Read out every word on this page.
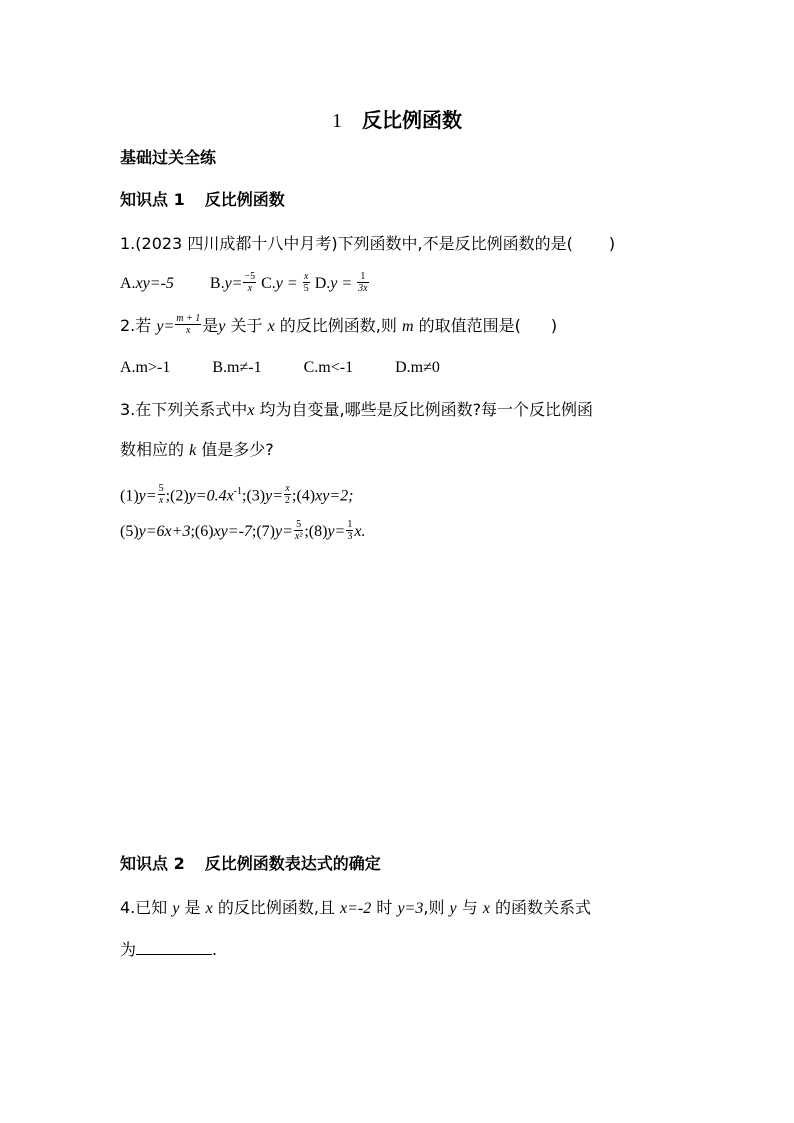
1 反比例函数
基础过关全练
知识点 1 反比例函数
1.(2023 四川成都十八中月考)下列函数中,不是反比例函数的是( )
A.xy=-5 $B.y= \frac{-5}{x} C.y = \frac{x}{5} D.y = \frac{1}{3x}$
2.若 $y= \frac{m + 1}{x}$ 是y 关于 x 的反比例函数,则 m 的取值范围是( )
A.m>-1	B.m≠-1	C.m<-1	D.m≠0
3.在下列关系式中x 均为自变量,哪些是反比例函数?每一个反比例函
数相应的 k 值是多少?
$(1)y= \frac{5}{x}$ $;(2)y=0.4x^{-1};(3)y= \frac{x}{2}$ ;(4)xy=2;
(5)y=6x+3;(6)xy=-7;(7)y= $\frac{5}{\text{x²}}$ ;(8)y= $\frac{1}{3} x$.
知识点 2 反比例函数表达式的确定
4.已知 y 是 x 的反比例函数,且 x=-2 时 y=3,则 y 与 x 的函数关系式
为	.
